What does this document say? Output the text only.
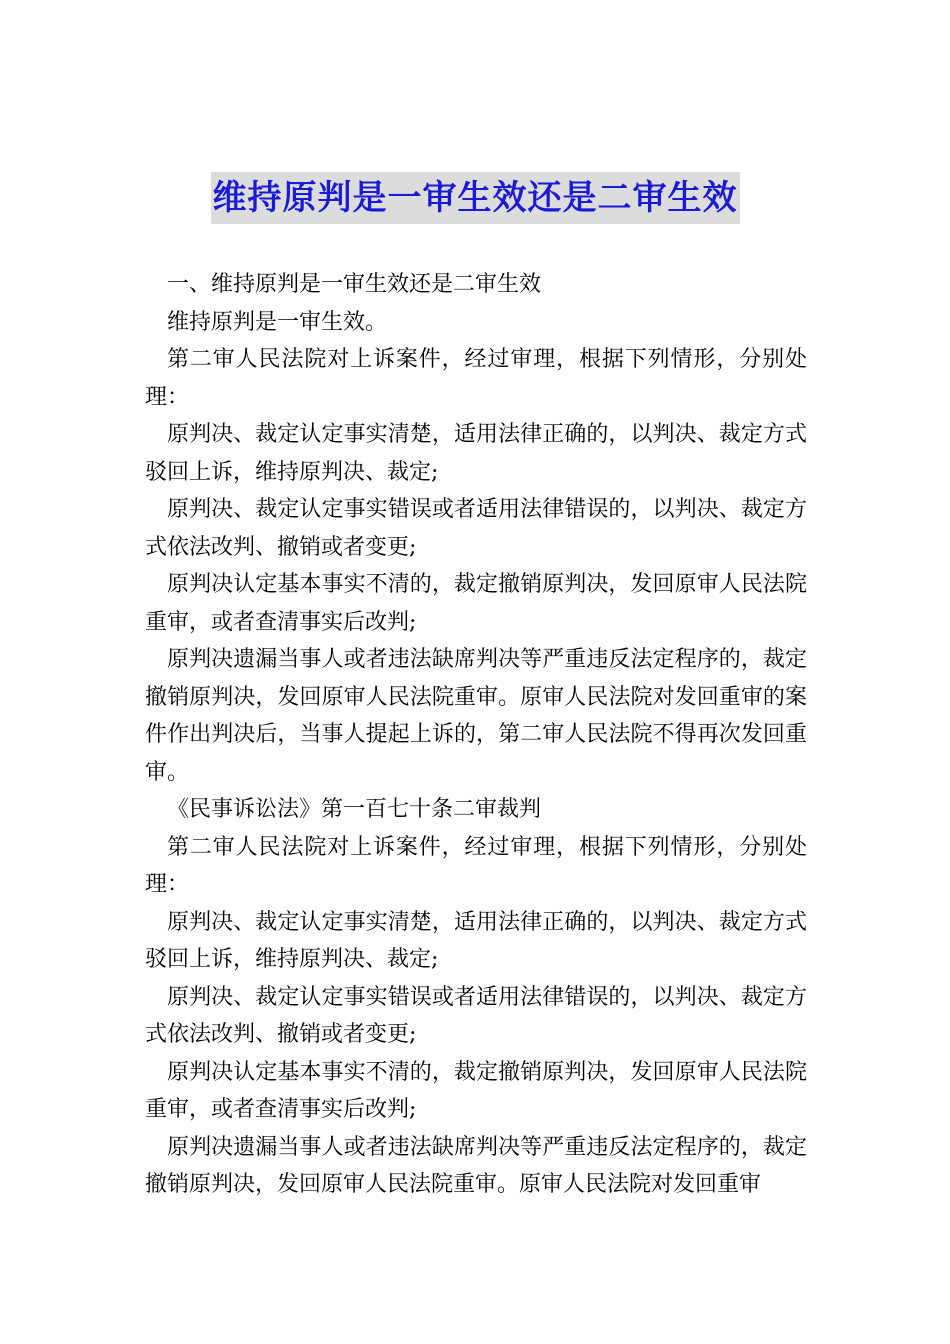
维持原判是一审生效还是二审生效

一、维持原判是一审生效还是二审生效

维持原判是一审生效。

第二审人民法院对上诉案件，经过审理，根据下列情形，分别处理：

原判决、裁定认定事实清楚，适用法律正确的，以判决、裁定方式驳回上诉，维持原判决、裁定;

原判决、裁定认定事实错误或者适用法律错误的，以判决、裁定方式依法改判、撤销或者变更;

原判决认定基本事实不清的，裁定撤销原判决，发回原审人民法院重审，或者查清事实后改判;

原判决遗漏当事人或者违法缺席判决等严重违反法定程序的，裁定撤销原判决，发回原审人民法院重审。原审人民法院对发回重审的案件作出判决后，当事人提起上诉的，第二审人民法院不得再次发回重审。

《民事诉讼法》第一百七十条二审裁判

第二审人民法院对上诉案件，经过审理，根据下列情形，分别处理：

原判决、裁定认定事实清楚，适用法律正确的，以判决、裁定方式驳回上诉，维持原判决、裁定;

原判决、裁定认定事实错误或者适用法律错误的，以判决、裁定方式依法改判、撤销或者变更;

原判决认定基本事实不清的，裁定撤销原判决，发回原审人民法院重审，或者查清事实后改判;

原判决遗漏当事人或者违法缺席判决等严重违反法定程序的，裁定撤销原判决，发回原审人民法院重审。原审人民法院对发回重审
